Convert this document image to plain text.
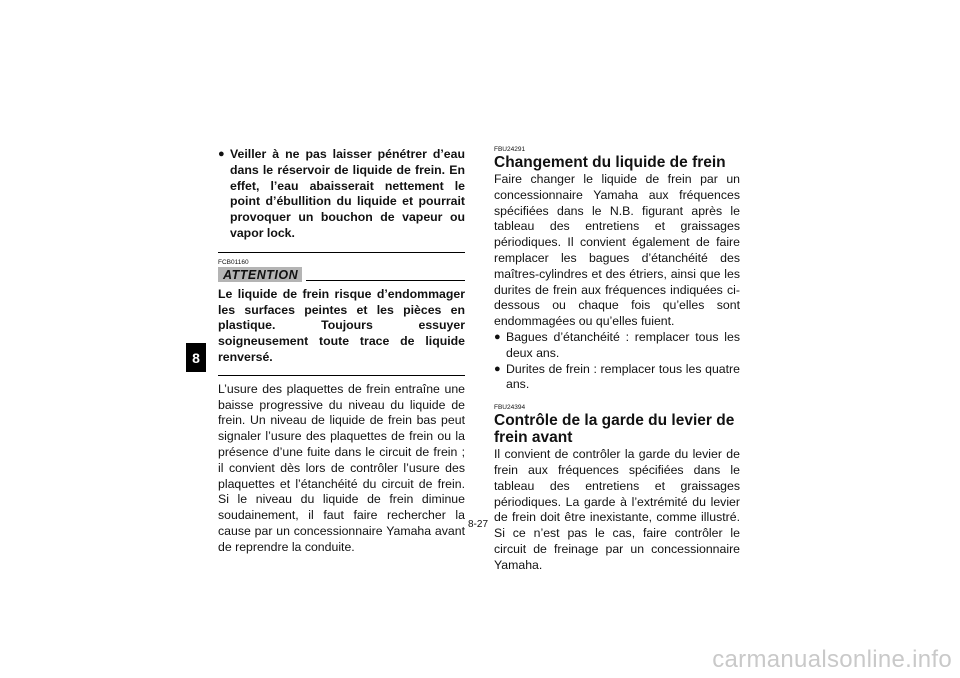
8
● Veiller à ne pas laisser pénétrer d’eau dans le réservoir de liquide de frein. En effet, l’eau abaisserait nettement le point d’ébullition du liquide et pourrait provoquer un bouchon de vapeur ou vapor lock.

FCB01160

ATTENTION
Le liquide de frein risque d’endommager les surfaces peintes et les pièces en plastique. Toujours essuyer soigneusement toute trace de liquide renversé.
L’usure des plaquettes de frein entraîne une baisse progressive du niveau du liquide de frein. Un niveau de liquide de frein bas peut signaler l’usure des plaquettes de frein ou la présence d’une fuite dans le circuit de frein ; il convient dès lors de contrôler l’usure des plaquettes et l’étanchéité du circuit de frein. Si le niveau du liquide de frein diminue soudainement, il faut faire rechercher la cause par un concessionnaire Yamaha avant de reprendre la conduite.

FBU24291

Changement du liquide de frein
Faire changer le liquide de frein par un concessionnaire Yamaha aux fréquences spécifiées dans le N.B. figurant après le tableau des entretiens et graissages périodiques. Il convient également de faire remplacer les bagues d’étanchéité des maîtres-cylindres et des étriers, ainsi que les durites de frein aux fréquences indiquées ci-dessous ou chaque fois qu’elles sont endommagées ou qu’elles fuient.
● Bagues d’étanchéité : remplacer tous les deux ans.
● Durites de frein : remplacer tous les quatre ans.

FBU24394

Contrôle de la garde du levier de frein avant
Il convient de contrôler la garde du levier de frein aux fréquences spécifiées dans le tableau des entretiens et graissages périodiques. La garde à l’extrémité du levier de frein doit être inexistante, comme illustré. Si ce n’est pas le cas, faire contrôler le circuit de freinage par un concessionnaire Yamaha.
8-27
carmanualsonline.info
